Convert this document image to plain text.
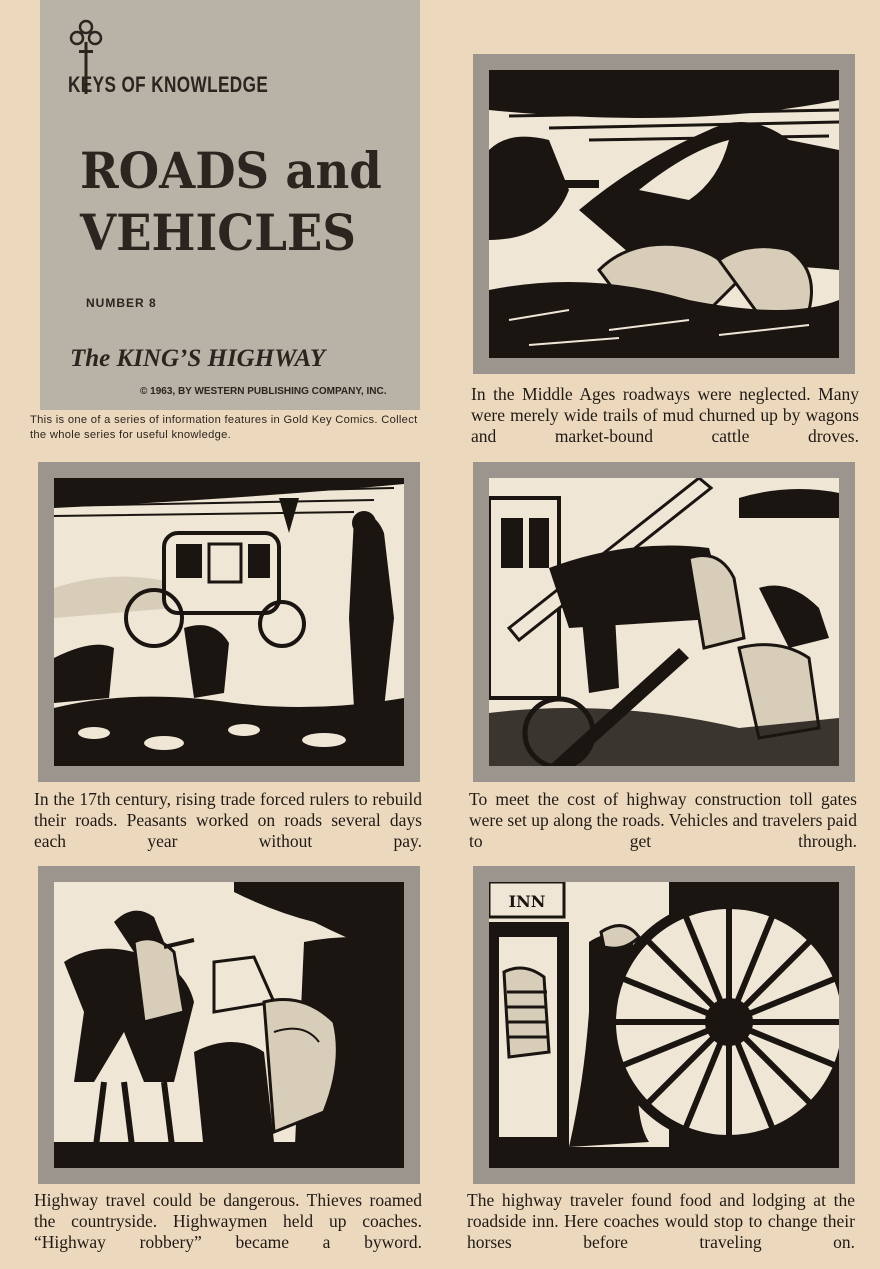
KEYS OF KNOWLEDGE
ROADS and
VEHICLES
NUMBER 8
The KING’S HIGHWAY
© 1963, BY WESTERN PUBLISHING COMPANY, INC.
This is one of a series of information features in Gold Key Comics. Collect the whole series for useful knowledge.
In the Middle Ages roadways were neglected. Many were merely wide trails of mud churned up by wagons and market-bound cattle droves.
In the 17th century, rising trade forced rulers to rebuild their roads. Peasants worked on roads several days each year without pay.
To meet the cost of highway construction toll gates were set up along the roads. Vehicles and travelers paid to get through.
Highway travel could be dangerous. Thieves roamed the countryside. Highwaymen held up coaches. “Highway robbery” became a byword.
INN
The highway traveler found food and lodging at the roadside inn. Here coaches would stop to change their horses before traveling on.
